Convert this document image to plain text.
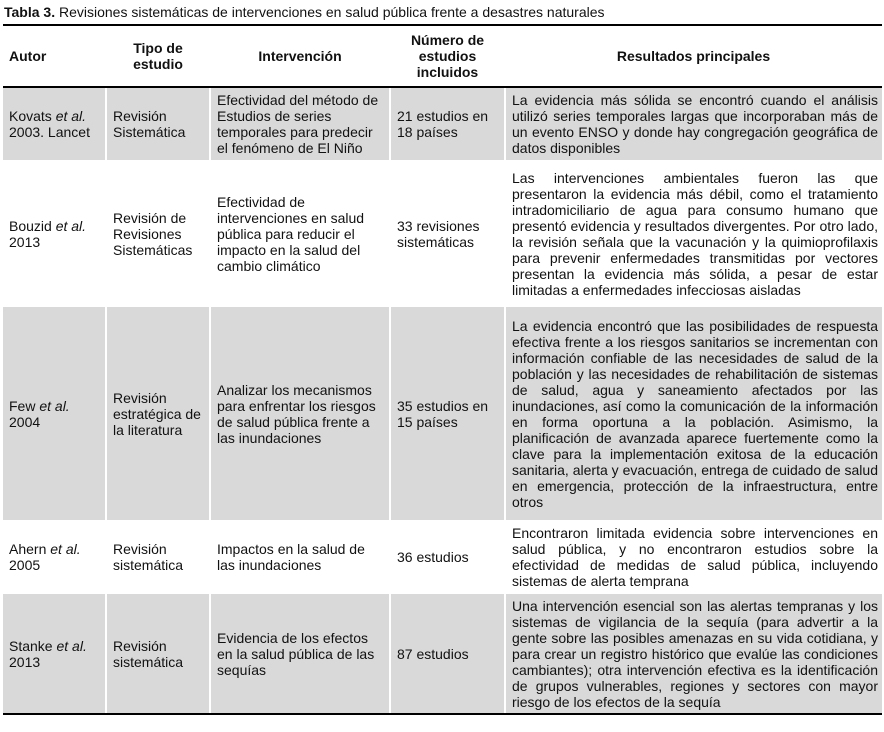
Tabla 3. Revisiones sistemáticas de intervenciones en salud pública frente a desastres naturales
Autor	Tipo de estudio	Intervención	Número de estudios incluidos	Resultados principales
Kovats et al. 2003. Lancet	Revisión Sistemática	Efectividad del método de Estudios de series temporales para predecir el fenómeno de El Niño	21 estudios en 18 países	La evidencia más sólida se encontró cuando el análisis utilizó series temporales largas que incorporaban más de un evento ENSO y donde hay congregación geográfica de datos disponibles
Bouzid et al. 2013	Revisión de Revisiones Sistemáticas	Efectividad de intervenciones en salud pública para reducir el impacto en la salud del cambio climático	33 revisiones sistemáticas	Las intervenciones ambientales fueron las que presentaron la evidencia más débil, como el tratamiento intradomiciliario de agua para consumo humano que presentó evidencia y resultados divergentes. Por otro lado, la revisión señala que la vacunación y la quimioprofilaxis para prevenir enfermedades transmitidas por vectores presentan la evidencia más sólida, a pesar de estar limitadas a enfermedades infecciosas aisladas
Few et al. 2004	Revisión estratégica de la literatura	Analizar los mecanismos para enfrentar los riesgos de salud pública frente a las inundaciones	35 estudios en 15 países	La evidencia encontró que las posibilidades de respuesta efectiva frente a los riesgos sanitarios se incrementan con información confiable de las necesidades de salud de la población y las necesidades de rehabilitación de sistemas de salud, agua y saneamiento afectados por las inundaciones, así como la comunicación de la información en forma oportuna a la población. Asimismo, la planificación de avanzada aparece fuertemente como la clave para la implementación exitosa de la educación sanitaria, alerta y evacuación, entrega de cuidado de salud en emergencia, protección de la infraestructura, entre otros
Ahern et al. 2005	Revisión sistemática	Impactos en la salud de las inundaciones	36 estudios	Encontraron limitada evidencia sobre intervenciones en salud pública, y no encontraron estudios sobre la efectividad de medidas de salud pública, incluyendo sistemas de alerta temprana
Stanke et al. 2013	Revisión sistemática	Evidencia de los efectos en la salud pública de las sequías	87 estudios	Una intervención esencial son las alertas tempranas y los sistemas de vigilancia de la sequía (para advertir a la gente sobre las posibles amenazas en su vida cotidiana, y para crear un registro histórico que evalúe las condiciones cambiantes); otra intervención efectiva es la identificación de grupos vulnerables, regiones y sectores con mayor riesgo de los efectos de la sequía
